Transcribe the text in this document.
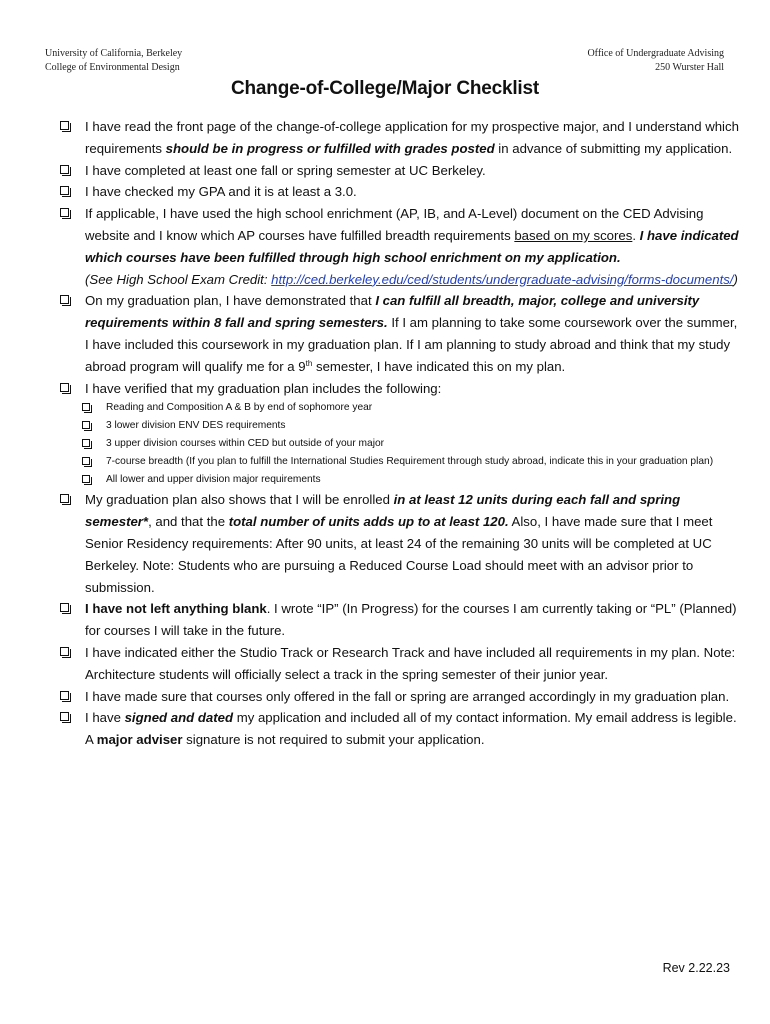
University of California, Berkeley
College of Environmental Design
Office of Undergraduate Advising
250 Wurster Hall
Change-of-College/Major Checklist
I have read the front page of the change-of-college application for my prospective major, and I understand which requirements should be in progress or fulfilled with grades posted in advance of submitting my application.
I have completed at least one fall or spring semester at UC Berkeley.
I have checked my GPA and it is at least a 3.0.
If applicable, I have used the high school enrichment (AP, IB, and A-Level) document on the CED Advising website and I know which AP courses have fulfilled breadth requirements based on my scores. I have indicated which courses have been fulfilled through high school enrichment on my application.
(See High School Exam Credit: http://ced.berkeley.edu/ced/students/undergraduate-advising/forms-documents/)
On my graduation plan, I have demonstrated that I can fulfill all breadth, major, college and university requirements within 8 fall and spring semesters. If I am planning to take some coursework over the summer, I have included this coursework in my graduation plan. If I am planning to study abroad and think that my study abroad program will qualify me for a 9th semester, I have indicated this on my plan.
I have verified that my graduation plan includes the following:
Reading and Composition A & B by end of sophomore year
3 lower division ENV DES requirements
3 upper division courses within CED but outside of your major
7-course breadth (If you plan to fulfill the International Studies Requirement through study abroad, indicate this in your graduation plan)
All lower and upper division major requirements
My graduation plan also shows that I will be enrolled in at least 12 units during each fall and spring semester*, and that the total number of units adds up to at least 120. Also, I have made sure that I meet Senior Residency requirements: After 90 units, at least 24 of the remaining 30 units will be completed at UC Berkeley. Note: Students who are pursuing a Reduced Course Load should meet with an advisor prior to submission.
I have not left anything blank. I wrote “IP” (In Progress) for the courses I am currently taking or “PL” (Planned) for courses I will take in the future.
I have indicated either the Studio Track or Research Track and have included all requirements in my plan. Note: Architecture students will officially select a track in the spring semester of their junior year.
I have made sure that courses only offered in the fall or spring are arranged accordingly in my graduation plan.
I have signed and dated my application and included all of my contact information. My email address is legible. A major adviser signature is not required to submit your application.
Rev 2.22.23
